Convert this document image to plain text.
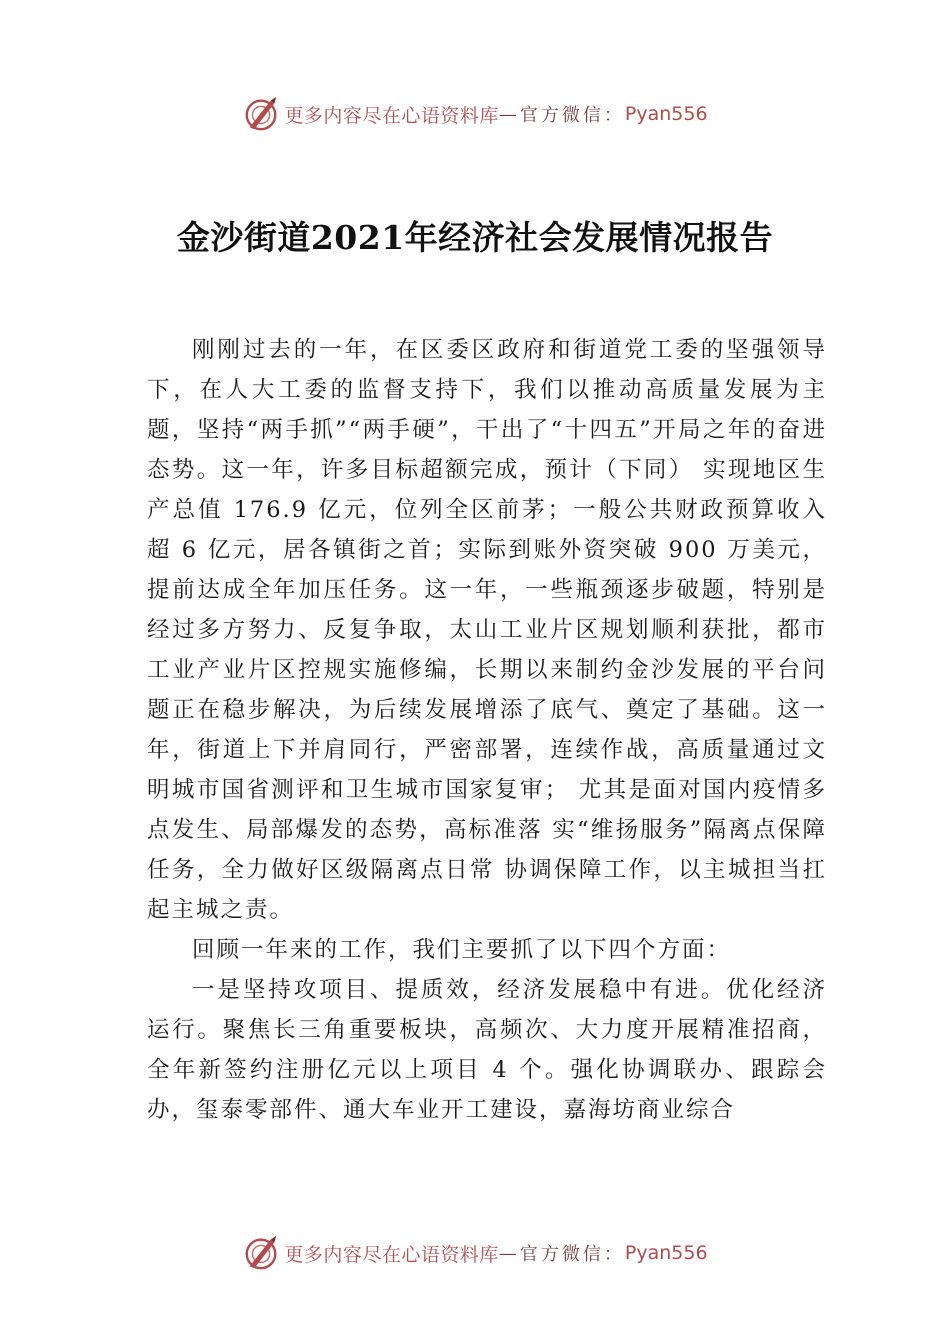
更多内容尽在心语资料库 — 官方微信： Pyan556
金沙街道2021年经济社会发展情况报告

刚刚过去的一年，在区委区政府和街道党工委的坚强领导下，在人大工委的监督支持下，我们以推动高质量发展为主题，坚持“两手抓”“两手硬”，干出了“十四五”开局之年的奋进态势。这一年，许多目标超额完成，预计（下同） 实现地区生产总值 176.9 亿元，位列全区前茅；一般公共财政预算收入超 6 亿元，居各镇街之首；实际到账外资突破 900 万美元，提前达成全年加压任务。这一年，一些瓶颈逐步破题，特别是经过多方努力、反复争取，太山工业片区规划顺利获批，都市工业产业片区控规实施修编，长期以来制约金沙发展的平台问题正在稳步解决，为后续发展增添了底气、奠定了基础。这一年，街道上下并肩同行，严密部署，连续作战，高质量通过文明城市国省测评和卫生城市国家复审； 尤其是面对国内疫情多点发生、局部爆发的态势，高标准落 实“维扬服务”隔离点保障任务，全力做好区级隔离点日常 协调保障工作，以主城担当扛起主城之责。

回顾一年来的工作，我们主要抓了以下四个方面：

一是坚持攻项目、提质效，经济发展稳中有进。优化经济运行。聚焦长三角重要板块，高频次、大力度开展精准招商，全年新签约注册亿元以上项目 4 个。强化协调联办、跟踪会办，玺泰零部件、通大车业开工建设，嘉海坊商业综合

更多内容尽在心语资料库 — 官方微信： Pyan556
